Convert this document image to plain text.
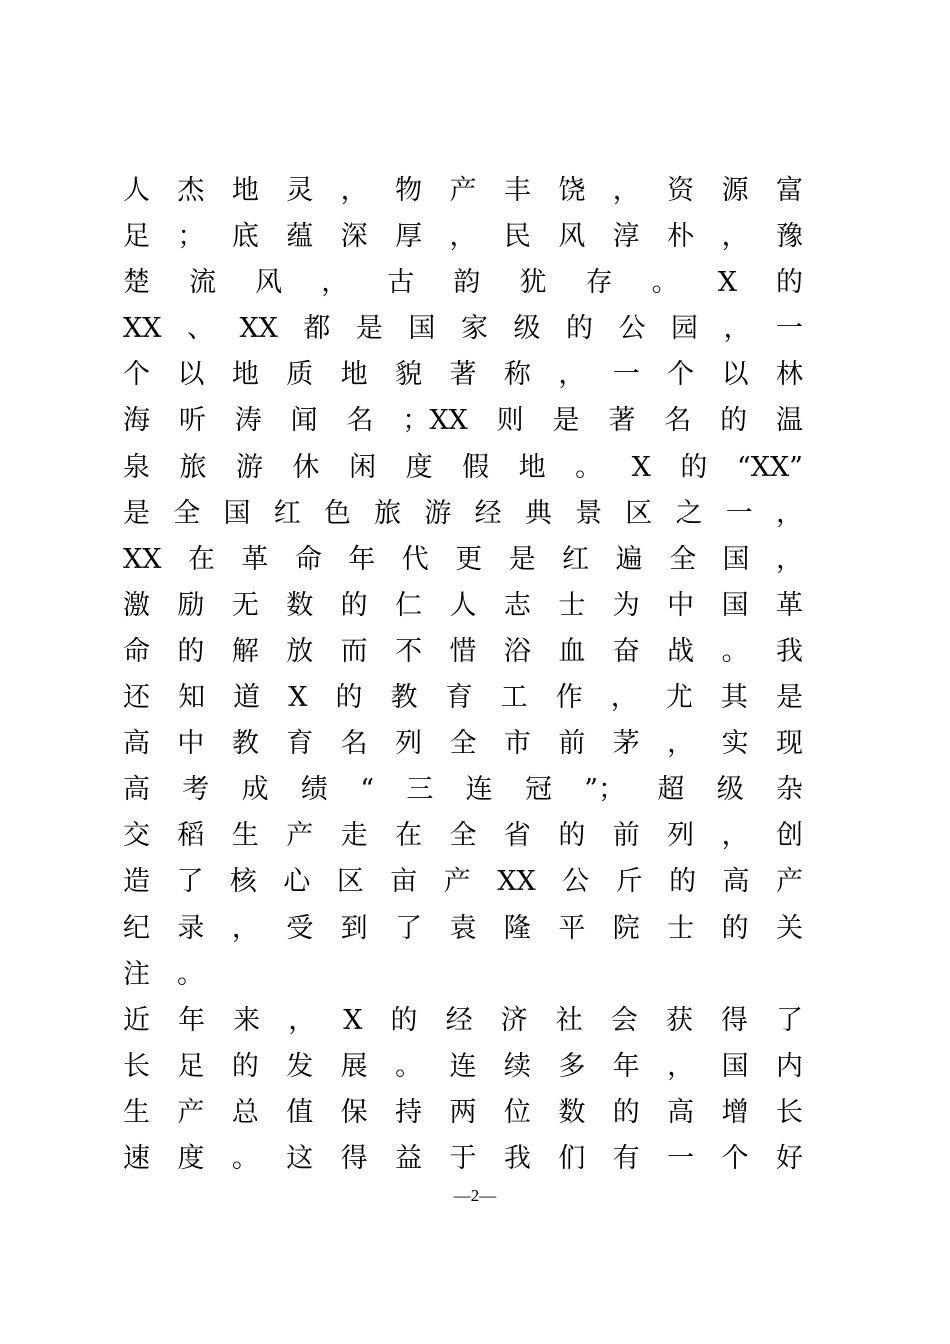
人杰地灵，物产丰饶，资源富
足；底蕴深厚，民风淳朴，豫
楚流风，古韵犹存。X的
XX、XX都是国家级的公园，一
个以地质地貌著称，一个以林
海听涛闻名；XX则是著名的温
泉旅游休闲度假地。X的“XX”
是全国红色旅游经典景区之一，
XX在革命年代更是红遍全国，
激励无数的仁人志士为中国革
命的解放而不惜浴血奋战。我
还知道X的教育工作，尤其是
高中教育名列全市前茅，实现
高考成绩“三连冠”；超级杂
交稻生产走在全省的前列，创
造了核心区亩产XX公斤的高产
纪录，受到了袁隆平院士的关
注。
近年来，X的经济社会获得了
长足的发展。连续多年，国内
生产总值保持两位数的高增长
速度。这得益于我们有一个好
—2—
